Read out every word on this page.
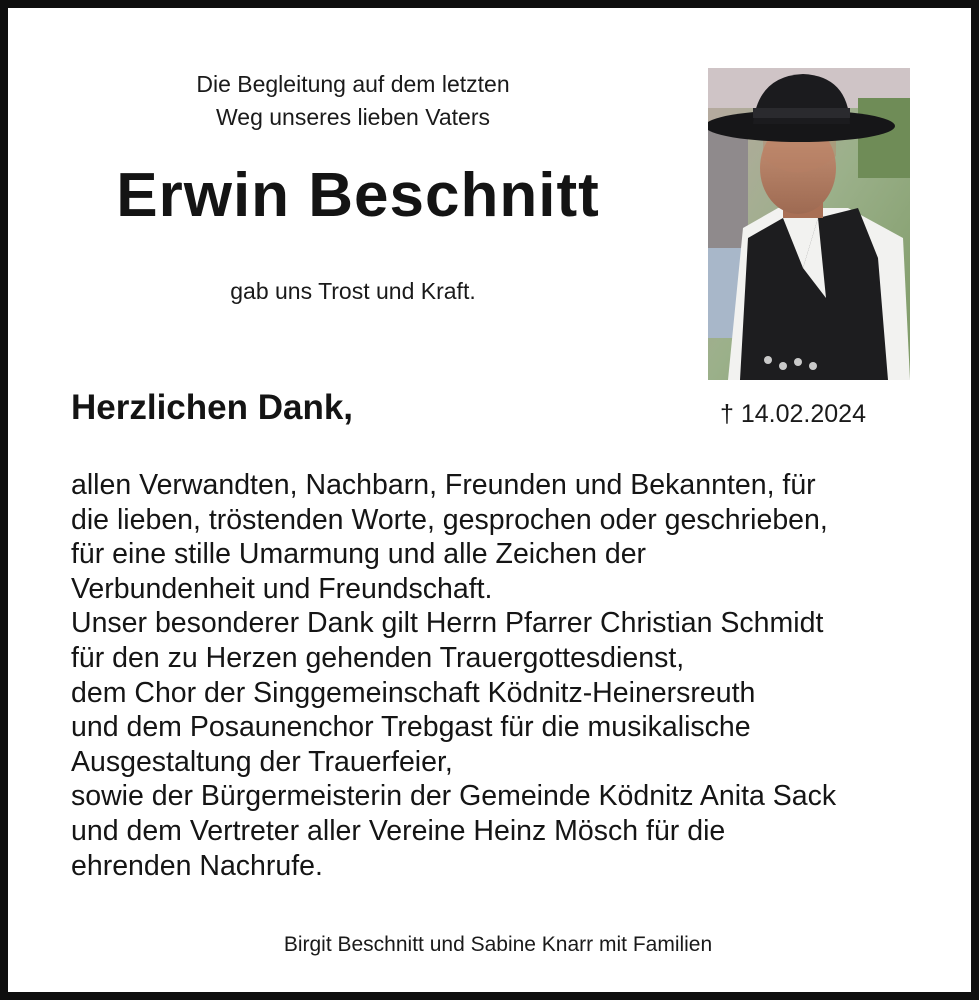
Die Begleitung auf dem letzten
Weg unseres lieben Vaters
Erwin Beschnitt
gab uns Trost und Kraft.
Herzlichen Dank,	† 14.02.2024
allen Verwandten, Nachbarn, Freunden und Bekannten, für
die lieben, tröstenden Worte, gesprochen oder geschrieben,
für eine stille Umarmung und alle Zeichen der
Verbundenheit und Freundschaft.
Unser besonderer Dank gilt Herrn Pfarrer Christian Schmidt
für den zu Herzen gehenden Trauergottesdienst,
dem Chor der Singgemeinschaft Ködnitz-Heinersreuth
und dem Posaunenchor Trebgast für die musikalische
Ausgestaltung der Trauerfeier,
sowie der Bürgermeisterin der Gemeinde Ködnitz Anita Sack
und dem Vertreter aller Vereine Heinz Mösch für die
ehrenden Nachrufe.
Birgit Beschnitt und Sabine Knarr mit Familien
